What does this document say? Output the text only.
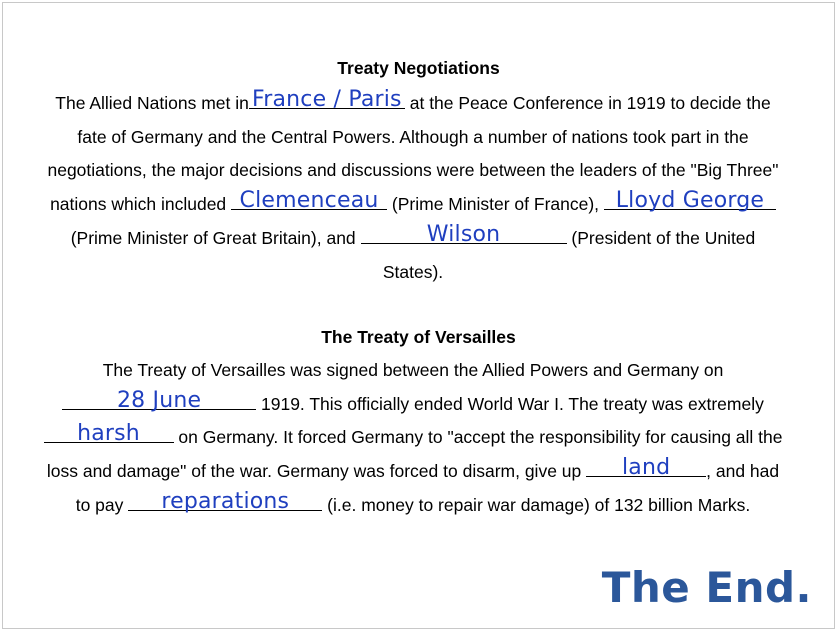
Treaty Negotiations
The Allied Nations met in France / Paris at the Peace Conference in 1919 to decide the fate of Germany and the Central Powers. Although a number of nations took part in the negotiations, the major decisions and discussions were between the leaders of the "Big Three" nations which included Clemenceau (Prime Minister of France), Lloyd George
(Prime Minister of Great Britain), and	Wilson	(President of the United States).
The Treaty of Versailles
The Treaty of Versailles was signed between the Allied Powers and Germany on
28 June	1919. This officially ended World War I. The treaty was extremely
harsh	on Germany. It forced Germany to "accept the responsibility for causing all the loss and damage" of the war. Germany was forced to disarm, give up	land	, and had to pay	reparations	(i.e. money to repair war damage) of 132 billion Marks.
The End.
